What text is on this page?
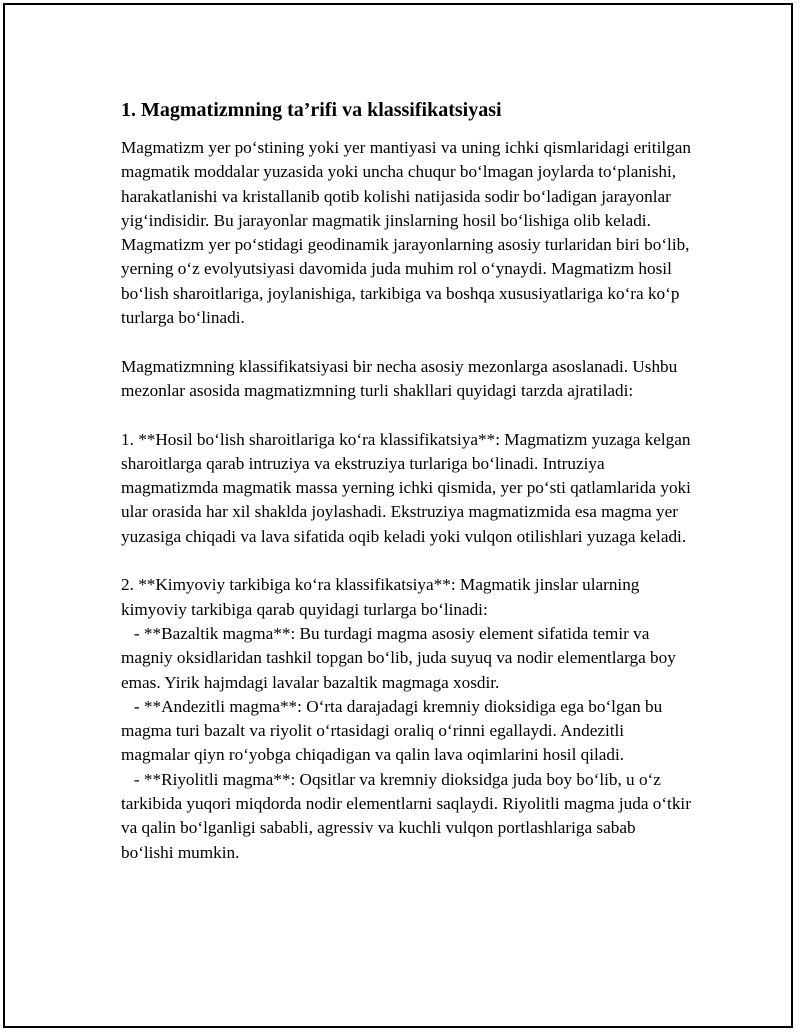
1. Magmatizmning ta’rifi va klassifikatsiyasi

Magmatizm yer po‘stining yoki yer mantiyasi va uning ichki qismlaridagi eritilgan magmatik moddalar yuzasida yoki uncha chuqur bo‘lmagan joylarda to‘planishi, harakatlanishi va kristallanib qotib kolishi natijasida sodir bo‘ladigan jarayonlar yig‘indisidir. Bu jarayonlar magmatik jinslarning hosil bo‘lishiga olib keladi. Magmatizm yer po‘stidagi geodinamik jarayonlarning asosiy turlaridan biri bo‘lib, yerning o‘z evolyutsiyasi davomida juda muhim rol o‘ynaydi. Magmatizm hosil bo‘lish sharoitlariga, joylanishiga, tarkibiga va boshqa xususiyatlariga ko‘ra ko‘p turlarga bo‘linadi.

Magmatizmning klassifikatsiyasi bir necha asosiy mezonlarga asoslanadi. Ushbu mezonlar asosida magmatizmning turli shakllari quyidagi tarzda ajratiladi:

1. **Hosil bo‘lish sharoitlariga ko‘ra klassifikatsiya**: Magmatizm yuzaga kelgan sharoitlarga qarab intruziya va ekstruziya turlariga bo‘linadi. Intruziya magmatizmda magmatik massa yerning ichki qismida, yer po‘sti qatlamlarida yoki ular orasida har xil shaklda joylashadi. Ekstruziya magmatizmida esa magma yer yuzasiga chiqadi va lava sifatida oqib keladi yoki vulqon otilishlari yuzaga keladi.

2. **Kimyoviy tarkibiga ko‘ra klassifikatsiya**: Magmatik jinslar ularning kimyoviy tarkibiga qarab quyidagi turlarga bo‘linadi:

- **Bazaltik magma**: Bu turdagi magma asosiy element sifatida temir va magniy oksidlaridan tashkil topgan bo‘lib, juda suyuq va nodir elementlarga boy emas. Yirik hajmdagi lavalar bazaltik magmaga xosdir.

- **Andezitli magma**: O‘rta darajadagi kremniy dioksidiga ega bo‘lgan bu magma turi bazalt va riyolit o‘rtasidagi oraliq o‘rinni egallaydi. Andezitli magmalar qiyn ro‘yobga chiqadigan va qalin lava oqimlarini hosil qiladi.

- **Riyolitli magma**: Oqsitlar va kremniy dioksidga juda boy bo‘lib, u o‘z tarkibida yuqori miqdorda nodir elementlarni saqlaydi. Riyolitli magma juda o‘tkir va qalin bo‘lganligi sababli, agressiv va kuchli vulqon portlashlariga sabab bo‘lishi mumkin.
